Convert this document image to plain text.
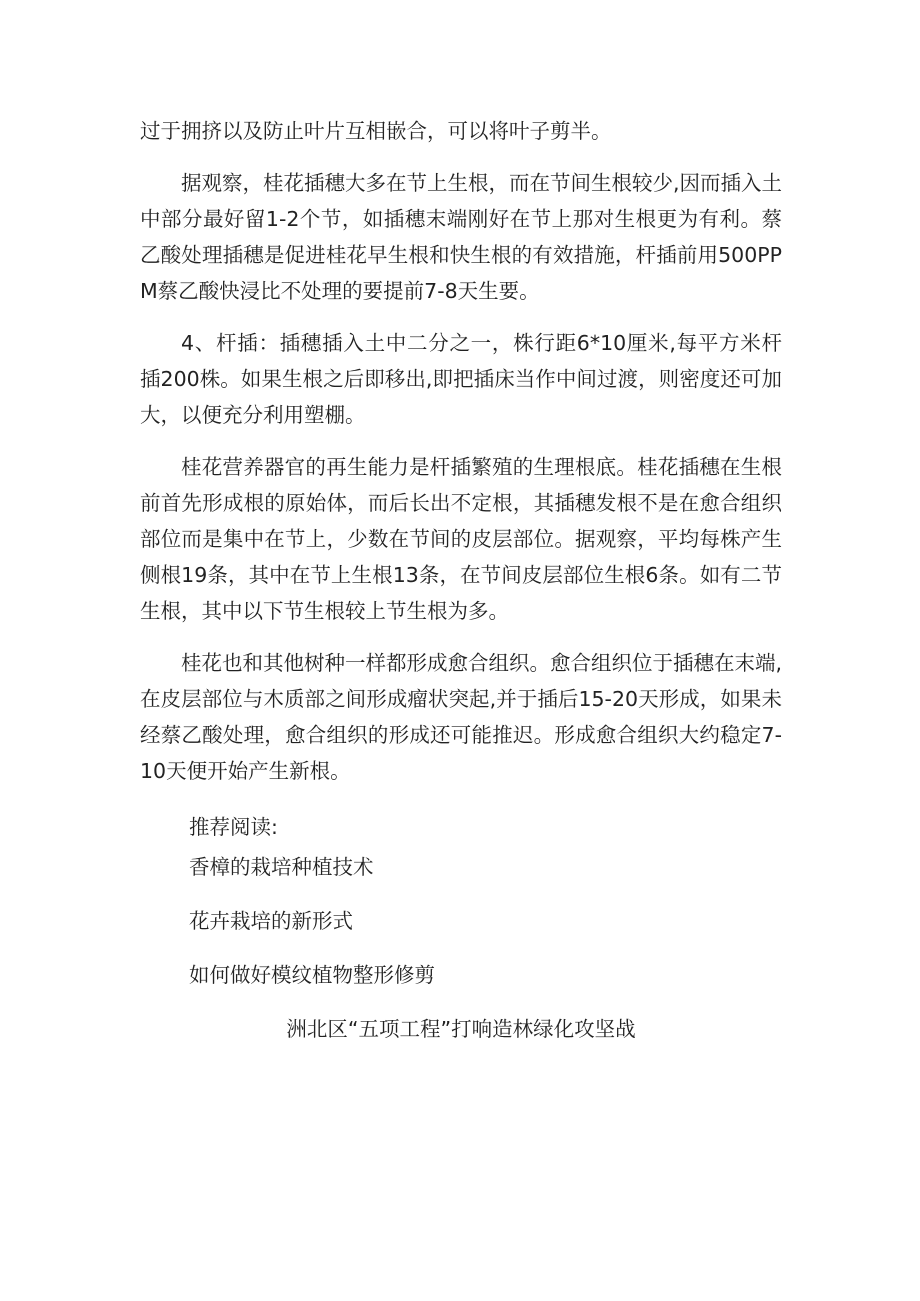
过于拥挤以及防止叶片互相嵌合，可以将叶子剪半。

据观察，桂花插穗大多在节上生根，而在节间生根较少,因而插入土中部分最好留1-2个节，如插穗末端刚好在节上那对生根更为有利。蔡乙酸处理插穗是促进桂花早生根和快生根的有效措施，杆插前用500PPM蔡乙酸快浸比不处理的要提前7-8天生要。

4、杆插：插穗插入土中二分之一，株行距6*10厘米,每平方米杆插200株。如果生根之后即移出,即把插床当作中间过渡，则密度还可加大，以便充分利用塑棚。

桂花营养器官的再生能力是杆插繁殖的生理根底。桂花插穗在生根前首先形成根的原始体，而后长出不定根，其插穗发根不是在愈合组织部位而是集中在节上，少数在节间的皮层部位。据观察，平均每株产生侧根19条，其中在节上生根13条，在节间皮层部位生根6条。如有二节生根，其中以下节生根较上节生根为多。

桂花也和其他树种一样都形成愈合组织。愈合组织位于插穗在末端,在皮层部位与木质部之间形成瘤状突起,并于插后15-20天形成，如果未经蔡乙酸处理，愈合组织的形成还可能推迟。形成愈合组织大约稳定7-10天便开始产生新根。

推荐阅读:
香樟的栽培种植技术
花卉栽培的新形式
如何做好模纹植物整形修剪
洲北区“五项工程”打响造林绿化攻坚战
